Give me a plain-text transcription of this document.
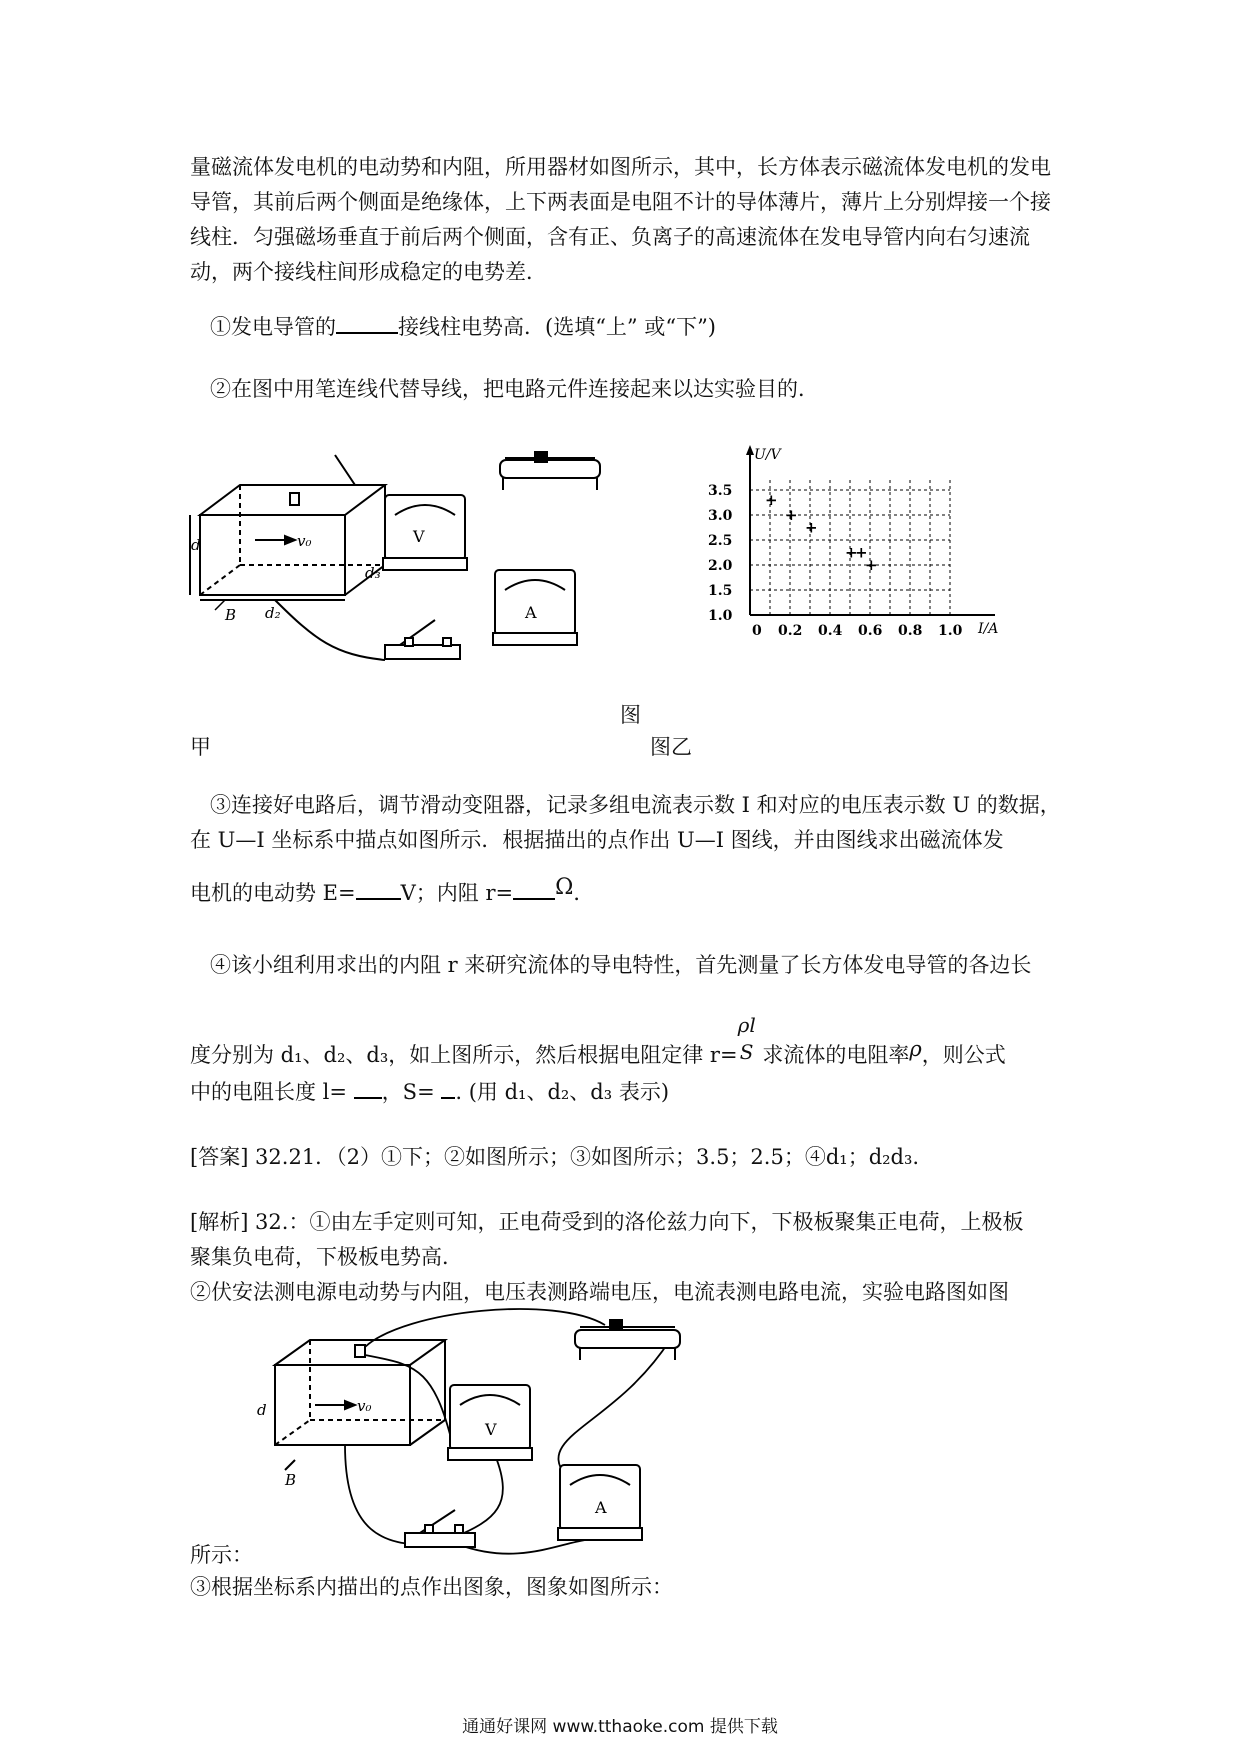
量磁流体发电机的电动势和内阻，所用器材如图所示，其中，长方体表示磁流体发电机的发电导管，其前后两个侧面是绝缘体，上下两表面是电阻不计的导体薄片，薄片上分别焊接一个接线柱．匀强磁场垂直于前后两个侧面，含有正、负离子的高速流体在发电导管内向右匀速流动，两个接线柱间形成稳定的电势差．
①发电导管的	接线柱电势高．(选填“上” 或“下”)
②在图中用笔连线代替导线，把电路元件连接起来以达实验目的．
d	v₀
B d₂
d₃
V
A
U/V
I/A
3.5
3.0
2.5
2.0
1.5
1.0
0 0.2 0.4 0.6 0.8 1.0
+
+
+
+
+
+
图
甲	图乙
③连接好电路后，调节滑动变阻器，记录多组电流表示数 I 和对应的电压表示数 U 的数据，在 U—I 坐标系中描点如图所示．根据描出的点作出 U—I 图线，并由图线求出磁流体发
电机的电动势 E= V；内阻 r= Ω．
④该小组利用求出的内阻 r 来研究流体的导电特性，首先测量了长方体发电导管的各边长
度分别为 d₁、d₂、d₃，如上图所示，然后根据电阻定律 r=
ρl
S 求流体的电阻率ρ，则公式
中的电阻长度 l= ，S= . (用 d₁、d₂、d₃ 表示)
[答案] 32.21．（2）①下；②如图所示；③如图所示；3.5；2.5；④d₁；d₂d₃.
[解析] 32.：①由左手定则可知，正电荷受到的洛伦兹力向下，下极板聚集正电荷，上极板
聚集负电荷，下极板电势高．
②伏安法测电源电动势与内阻，电压表测路端电压，电流表测电路电流，实验电路图如图
d	v₀
B
V
A
所示：
③根据坐标系内描出的点作出图象，图象如图所示：
通通好课网 www.tthaoke.com 提供下载
